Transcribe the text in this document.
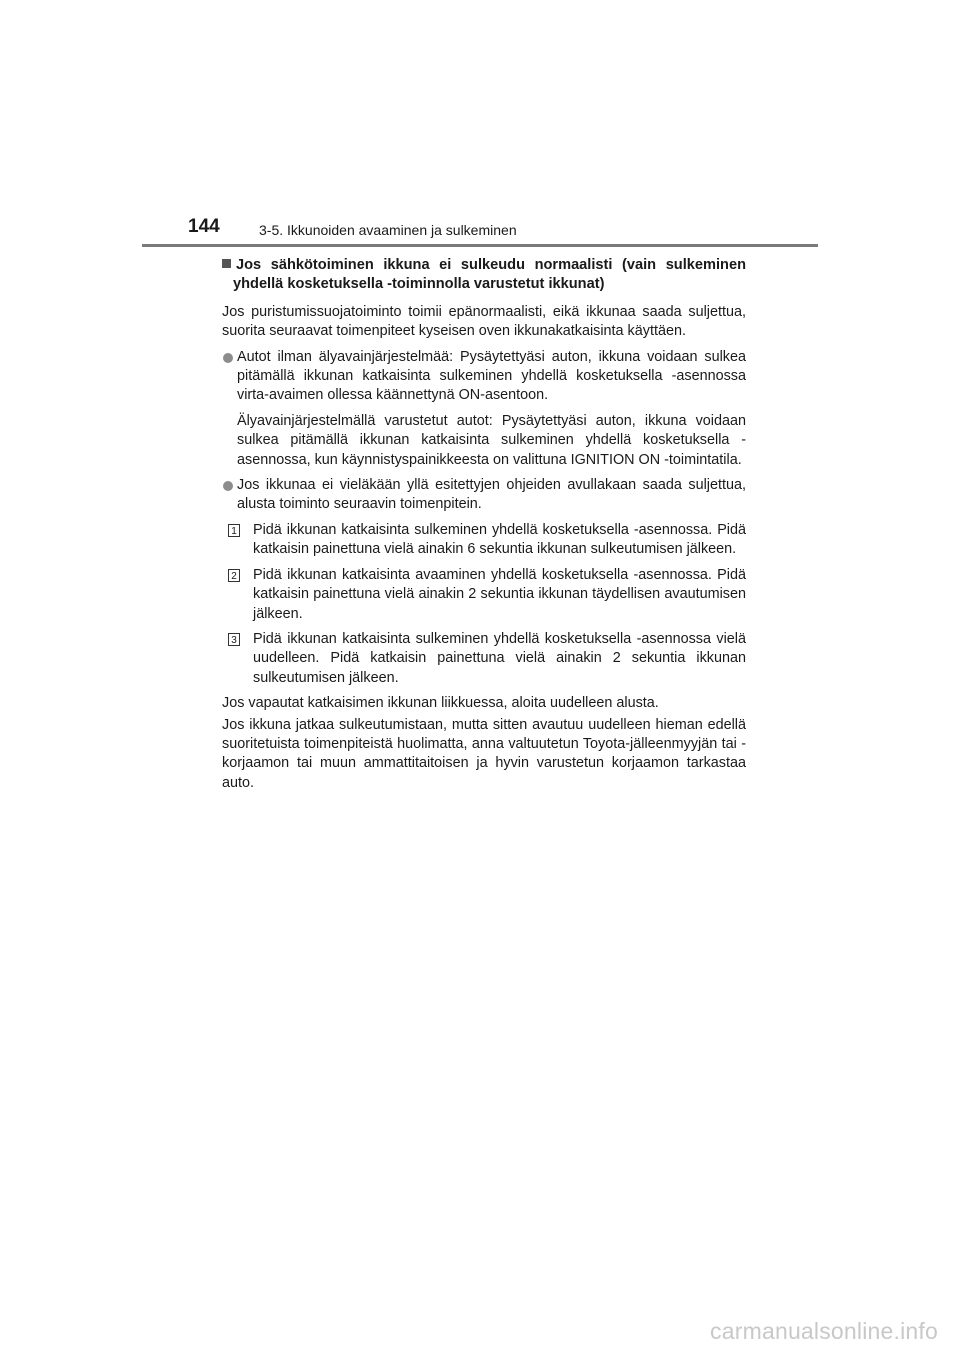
144	3-5. Ikkunoiden avaaminen ja sulkeminen
Jos sähkötoiminen ikkuna ei sulkeudu normaalisti (vain sulkeminen yhdellä kosketuksella -toiminnolla varustetut ikkunat)
Jos puristumissuojatoiminto toimii epänormaalisti, eikä ikkunaa saada suljettua, suorita seuraavat toimenpiteet kyseisen oven ikkunakatkaisinta käyttäen.
Autot ilman älyavainjärjestelmää: Pysäytettyäsi auton, ikkuna voidaan sulkea pitämällä ikkunan katkaisinta sulkeminen yhdellä kosketuksella -asennossa virta-avaimen ollessa käännettynä ON-asentoon.
Älyavainjärjestelmällä varustetut autot: Pysäytettyäsi auton, ikkuna voidaan sulkea pitämällä ikkunan katkaisinta sulkeminen yhdellä kosketuksella -asennossa, kun käynnistyspainikkeesta on valittuna IGNITION ON -toimintatila.
Jos ikkunaa ei vieläkään yllä esitettyjen ohjeiden avullakaan saada suljettua, alusta toiminto seuraavin toimenpitein.
1 Pidä ikkunan katkaisinta sulkeminen yhdellä kosketuksella -asennossa. Pidä katkaisin painettuna vielä ainakin 6 sekuntia ikkunan sulkeutumisen jälkeen.
2 Pidä ikkunan katkaisinta avaaminen yhdellä kosketuksella -asennossa. Pidä katkaisin painettuna vielä ainakin 2 sekuntia ikkunan täydellisen avautumisen jälkeen.
3 Pidä ikkunan katkaisinta sulkeminen yhdellä kosketuksella -asennossa vielä uudelleen. Pidä katkaisin painettuna vielä ainakin 2 sekuntia ikkunan sulkeutumisen jälkeen.
Jos vapautat katkaisimen ikkunan liikkuessa, aloita uudelleen alusta.
Jos ikkuna jatkaa sulkeutumistaan, mutta sitten avautuu uudelleen hieman edellä suoritetuista toimenpiteistä huolimatta, anna valtuutetun Toyota-jälleenmyyjän tai -korjaamon tai muun ammattitaitoisen ja hyvin varustetun korjaamon tarkastaa auto.
carmanualsonline.info
